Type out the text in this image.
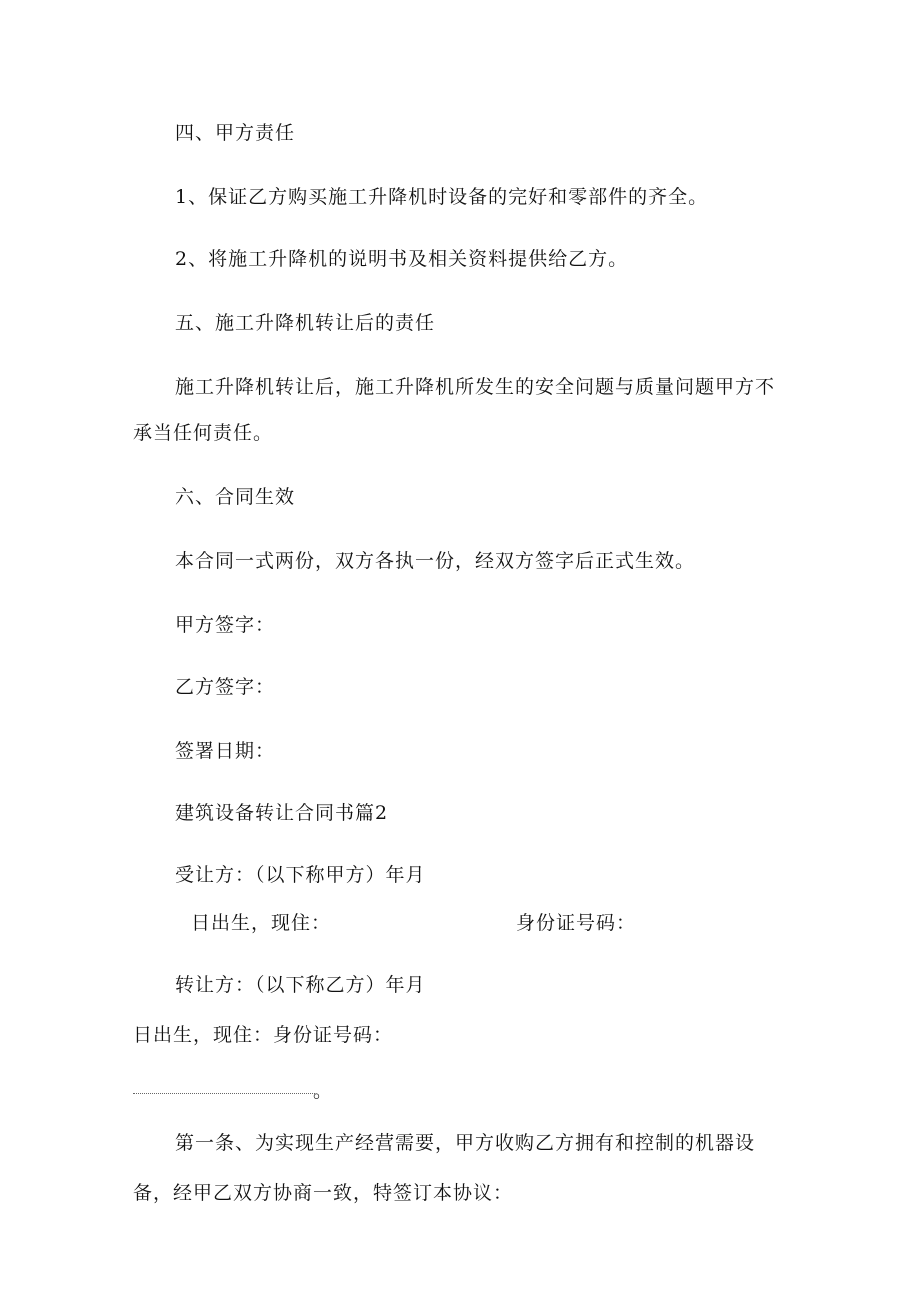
四、甲方责任
1、保证乙方购买施工升降机时设备的完好和零部件的齐全。
2、将施工升降机的说明书及相关资料提供给乙方。
五、施工升降机转让后的责任
施工升降机转让后，施工升降机所发生的安全问题与质量问题甲方不
承当任何责任。
六、合同生效
本合同一式两份，双方各执一份，经双方签字后正式生效。
甲方签字：
乙方签字：
签署日期：
建筑设备转让合同书篇2
受让方：（以下称甲方）年月
日出生，现住：	身份证号码：
转让方：（以下称乙方）年月
日出生，现住：身份证号码：
。
第一条、为实现生产经营需要，甲方收购乙方拥有和控制的机器设
备，经甲乙双方协商一致，特签订本协议：
